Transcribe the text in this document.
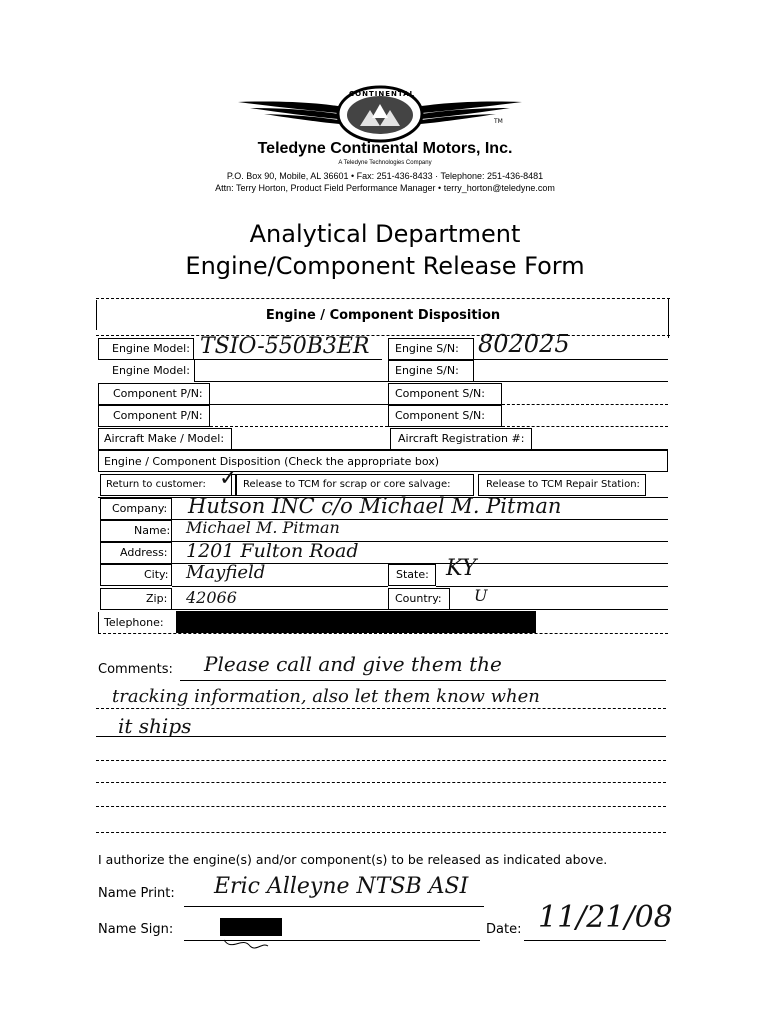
CONTINENTAL
TM
Teledyne Continental Motors, Inc.
A Teledyne Technologies Company
P.O. Box 90, Mobile, AL 36601 • Fax: 251-436-8433 · Telephone: 251-436-8481
Attn: Terry Horton, Product Field Performance Manager • terry_horton@teledyne.com
Analytical Department
Engine/Component Release Form
Engine / Component Disposition
Engine Model: TSIO-550B3ER Engine S/N: 802025
Engine Model:	Engine S/N:
Component P/N:	Component S/N:
Component P/N:	Component S/N:
Aircraft Make / Model:	Aircraft Registration #:
Engine / Component Disposition (Check the appropriate box)
Return to customer: ✓ Release to TCM for scrap or core salvage:	Release to TCM Repair Station:
Company: Hutson INC c/o Michael M. Pitman
Name: Michael M. Pitman
Address: 1201 Fulton Road
City: Mayfield	State: KY
Zip: 42066	Country: U
Telephone:
Comments: Please call and give them the
tracking information, also let them know when
it ships
I authorize the engine(s) and/or component(s) to be released as indicated above.
Name Print: Eric Alleyne NTSB ASI
Name Sign:	Date: 11/21/08
